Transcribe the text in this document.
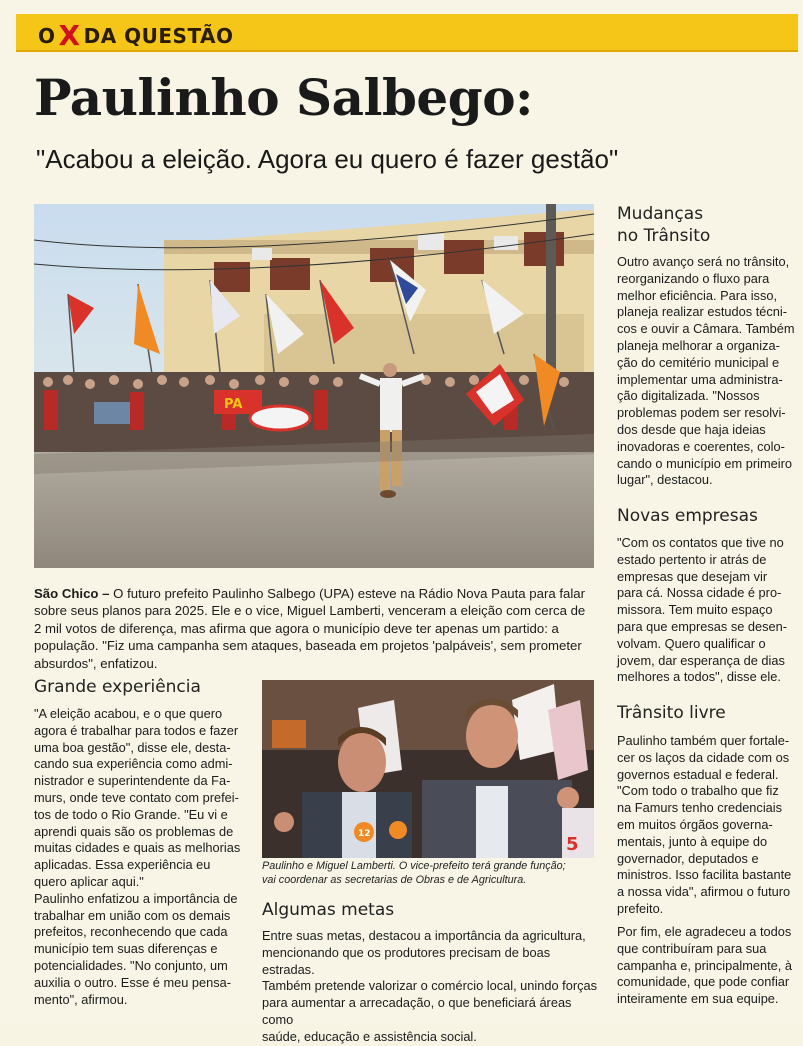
O X DA QUESTÃO
Paulinho Salbego:
"Acabou a eleição. Agora eu quero é fazer gestão"
PA
São Chico – O futuro prefeito Paulinho Salbego (UPA) esteve na Rádio Nova Pauta para falar sobre seus planos para 2025. Ele e o vice, Miguel Lamberti, venceram a eleição com cerca de 2 mil votos de diferença, mas afirma que agora o município deve ter apenas um partido: a população. "Fiz uma campanha sem ataques, baseada em projetos 'palpáveis', sem prometer absurdos", enfatizou.
Grande experiência
"A eleição acabou, e o que quero
agora é trabalhar para todos e fazer
uma boa gestão", disse ele, desta-
cando sua experiência como admi-
nistrador e superintendente da Fa-
murs, onde teve contato com prefei-
tos de todo o Rio Grande. "Eu vi e
aprendi quais são os problemas de
muitas cidades e quais as melhorias
aplicadas. Essa experiência eu
quero aplicar aqui."
Paulinho enfatizou a importância de
trabalhar em união com os demais
prefeitos, reconhecendo que cada
município tem suas diferenças e
potencialidades. "No conjunto, um
auxilia o outro. Esse é meu pensa-
mento", afirmou.
12	5
Paulinho e Miguel Lamberti. O vice-prefeito terá grande função;
vai coordenar as secretarias de Obras e de Agricultura.
Algumas metas
Entre suas metas, destacou a importância da agricultura,
mencionando que os produtores precisam de boas estradas.
Também pretende valorizar o comércio local, unindo forças
para aumentar a arrecadação, o que beneficiará áreas como
saúde, educação e assistência social.
Mudanças
no Trânsito
Outro avanço será no trânsito,
reorganizando o fluxo para
melhor eficiência. Para isso,
planeja realizar estudos técni-
cos e ouvir a Câmara. Também
planeja melhorar a organiza-
ção do cemitério municipal e
implementar uma administra-
ção digitalizada. "Nossos
problemas podem ser resolvi-
dos desde que haja ideias
inovadoras e coerentes, colo-
cando o município em primeiro
lugar", destacou.
Novas empresas
"Com os contatos que tive no
estado pertento ir atrás de
empresas que desejam vir
para cá. Nossa cidade é pro-
missora. Tem muito espaço
para que empresas se desen-
volvam. Quero qualificar o
jovem, dar esperança de dias
melhores a todos", disse ele.
Trânsito livre
Paulinho também quer fortale-
cer os laços da cidade com os
governos estadual e federal.
"Com todo o trabalho que fiz
na Famurs tenho credenciais
em muitos órgãos governa-
mentais, junto à equipe do
governador, deputados e
ministros. Isso facilita bastante
a nossa vida", afirmou o futuro
prefeito.
Por fim, ele agradeceu a todos
que contribuíram para sua
campanha e, principalmente, à
comunidade, que pode confiar
inteiramente em sua equipe.
